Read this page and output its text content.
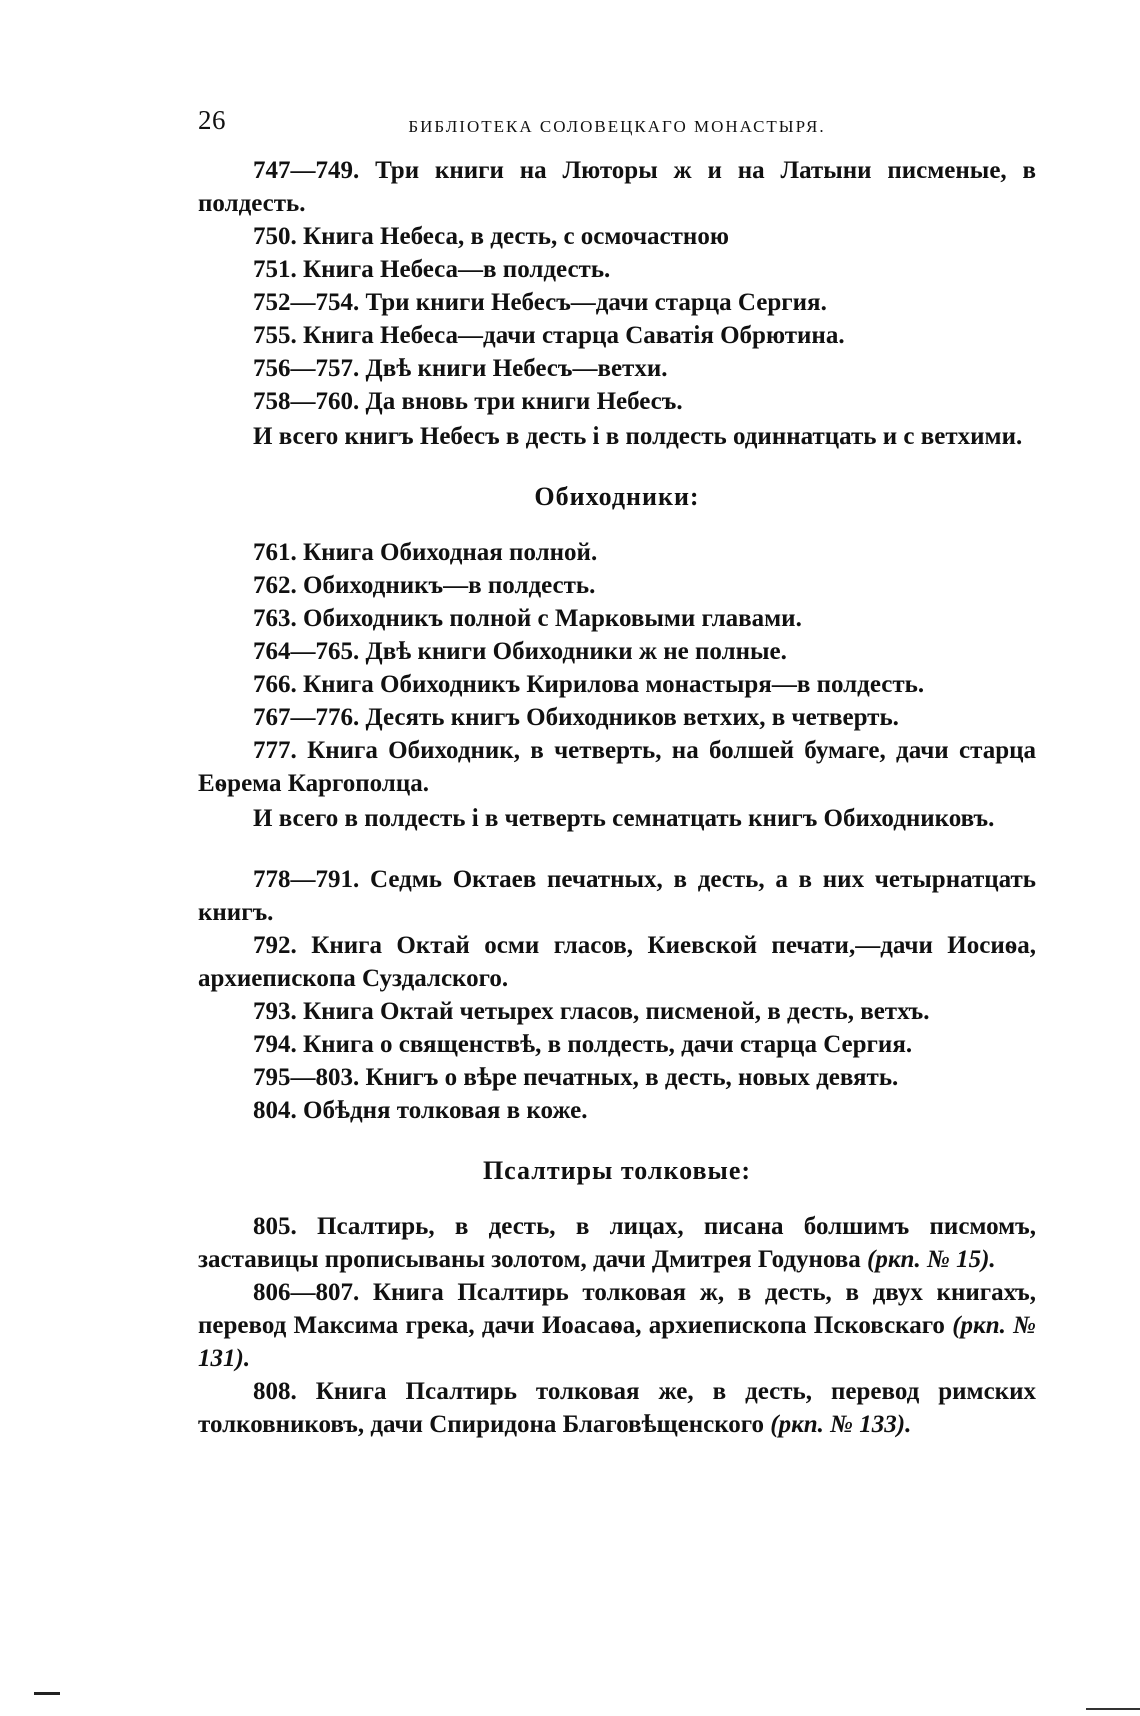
26	БИБЛІОТЕКА СОЛОВЕЦКАГО МОНАСТЫРЯ.

747—749. Три книги на Люторы ж и на Латыни писменые, в полдесть.

750. Книга Небеса, в десть, с осмочастною

751. Книга Небеса—в полдесть.

752—754. Три книги Небесъ—дачи старца Сергия.

755. Книга Небеса—дачи старца Саватія Обрютина.

756—757. Двѣ книги Небесъ—ветхи.

758—760. Да вновь три книги Небесъ.

И всего книгъ Небесъ в десть і в полдесть одиннатцать и с ветхими.

Обиходники:

761. Книга Обиходная полной.

762. Обиходникъ—в полдесть.

763. Обиходникъ полной с Марковыми главами.

764—765. Двѣ книги Обиходники ж не полные.

766. Книга Обиходникъ Кирилова монастыря—в полдесть.

767—776. Десять книгъ Обиходников ветхих, в четверть.

777. Книга Обиходник, в четверть, на болшей бумаге, дачи старца Еѳрема Каргополца.

И всего в полдесть і в четверть семнатцать книгъ Обиходниковъ.

778—791. Седмь Октаев печатных, в десть, а в них четырнатцать книгъ.

792. Книга Октай осми гласов, Киевской печати,—дачи Иосиѳа, архиепископа Суздалского.

793. Книга Октай четырех гласов, писменой, в десть, ветхъ.

794. Книга о священствѣ, в полдесть, дачи старца Сергия.

795—803. Книгъ о вѣре печатных, в десть, новых девять.

804. Обѣдня толковая в коже.

Псалтиры толковые:

805. Псалтирь, в десть, в лицах, писана болшимъ писмомъ, заставицы прописываны золотом, дачи Дмитрея Годунова (ркп. № 15).

806—807. Книга Псалтирь толковая ж, в десть, в двух книгахъ, перевод Максима грека, дачи Иоасаѳа, архиепископа Псковскаго (ркп. № 131).

808. Книга Псалтирь толковая же, в десть, перевод римских толковниковъ, дачи Спиридона Благовѣщенского (ркп. № 133).
